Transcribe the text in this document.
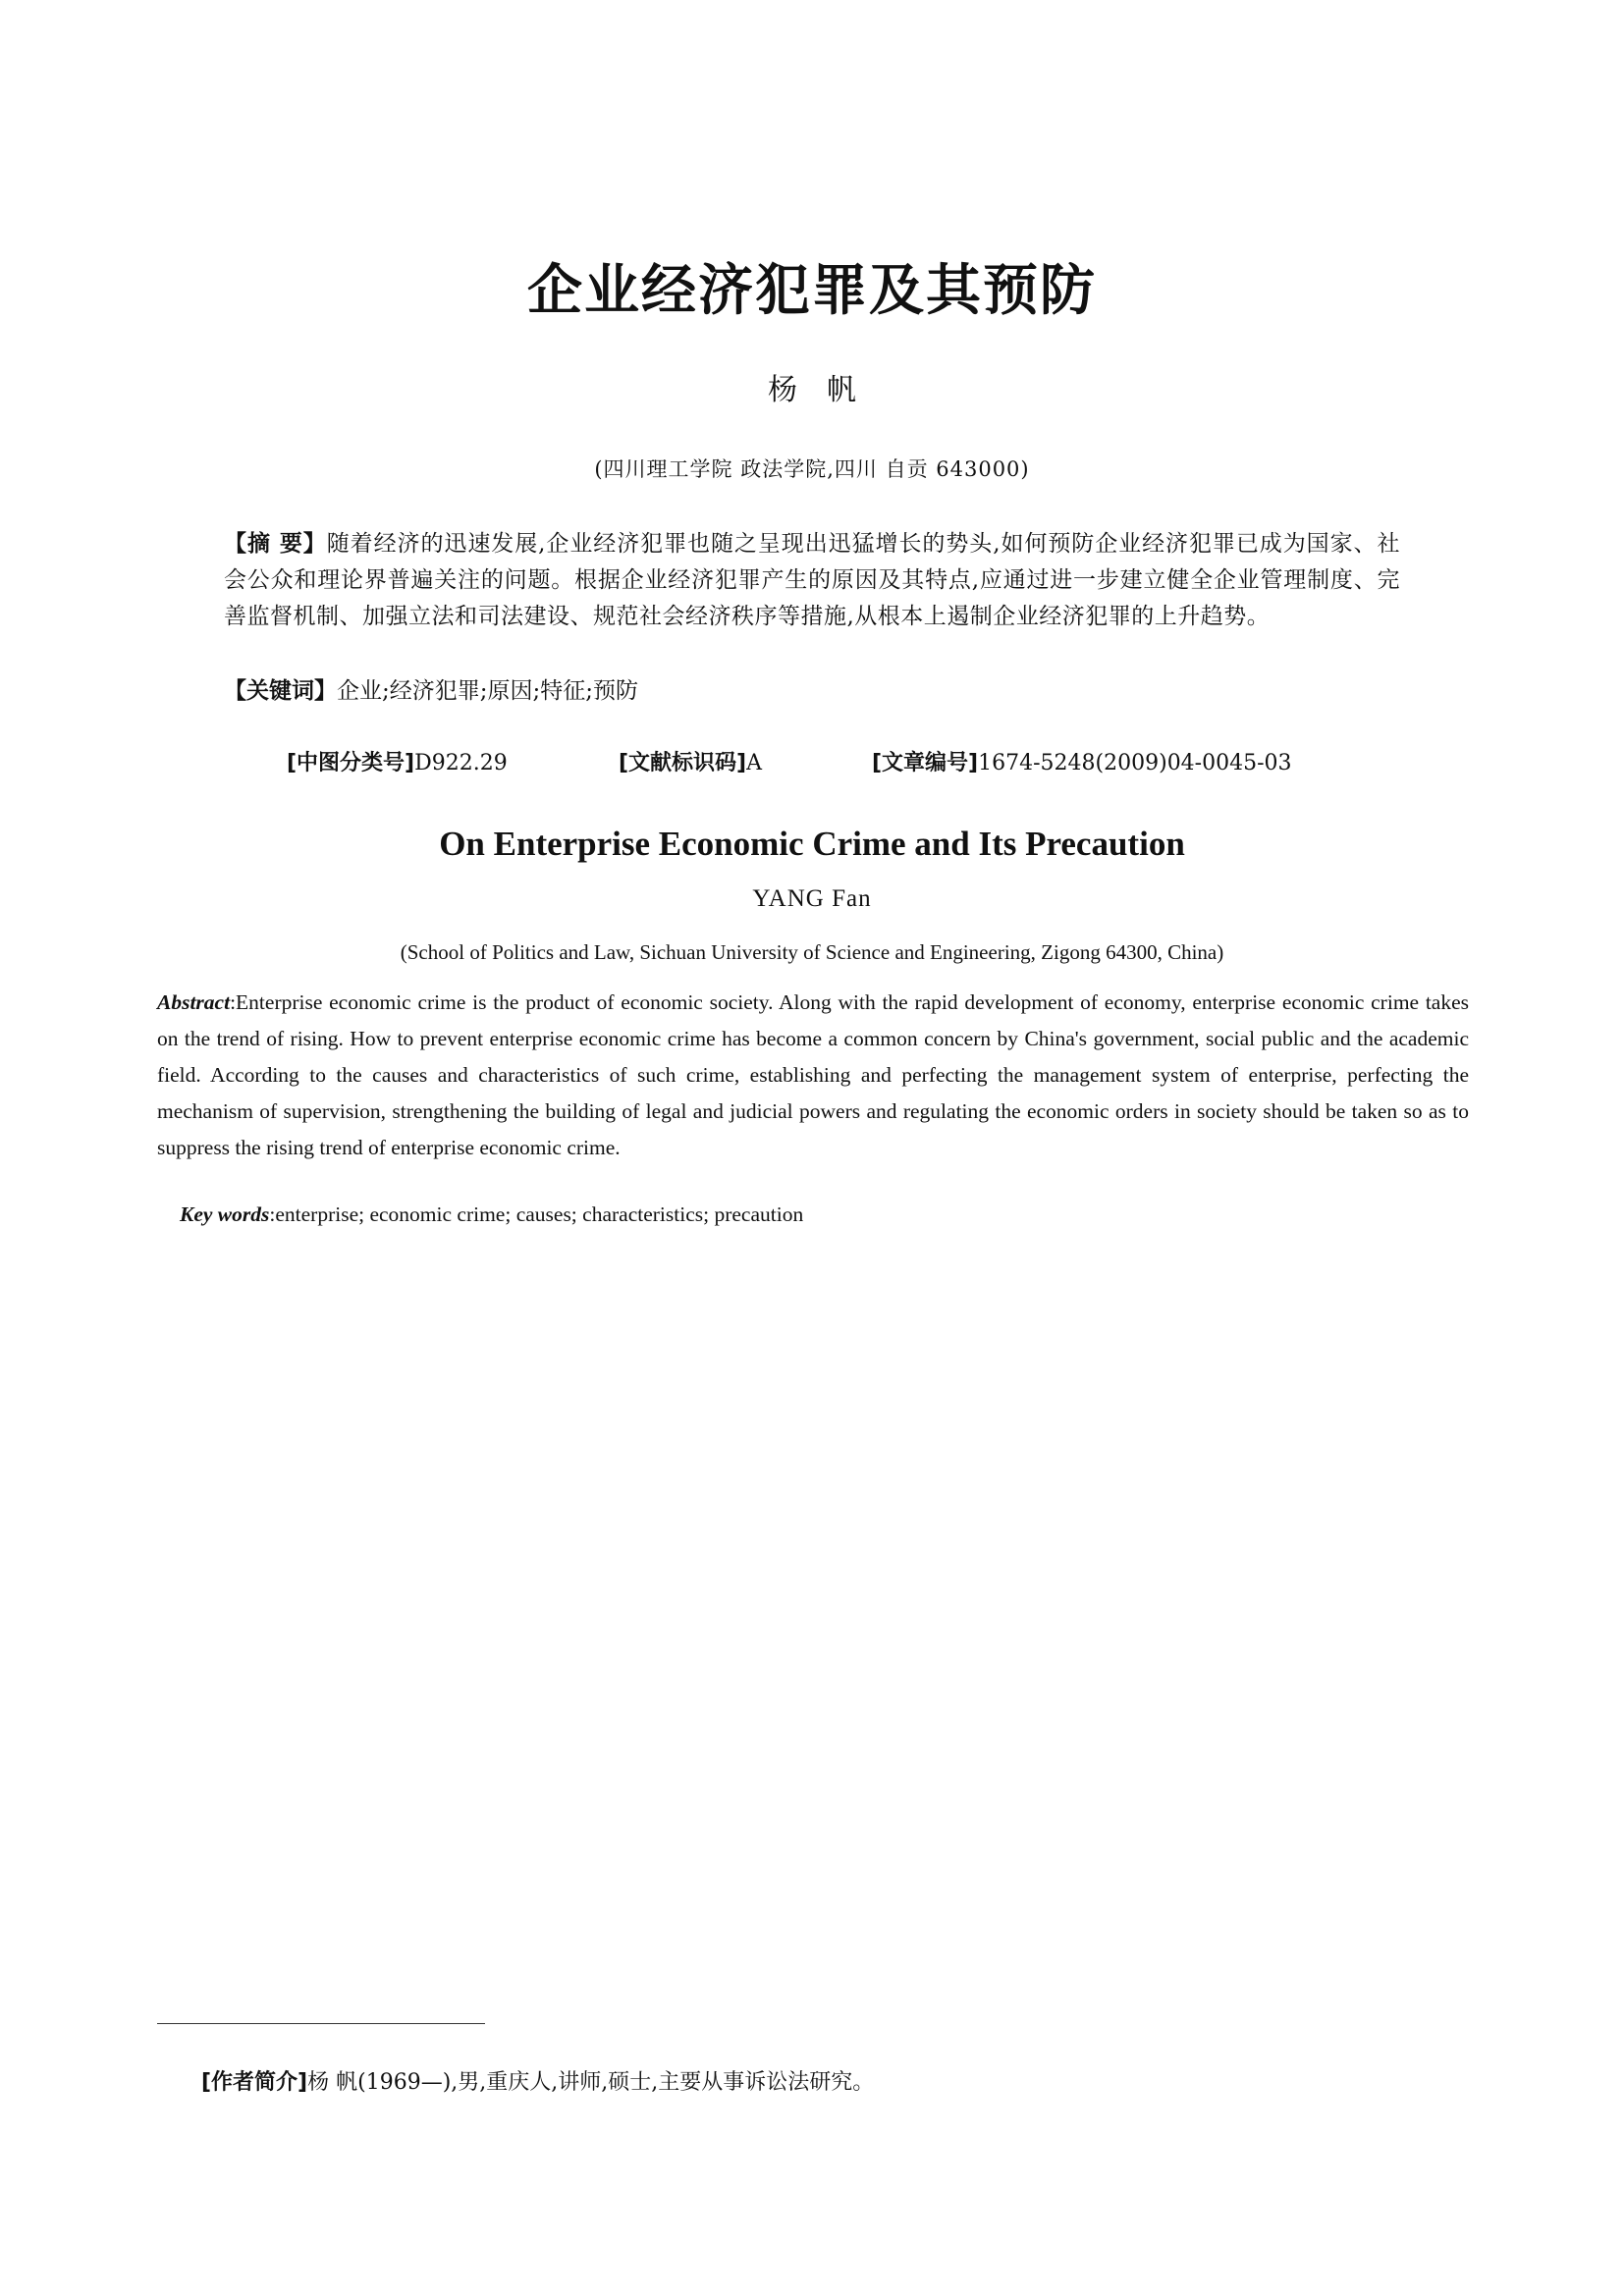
企业经济犯罪及其预防
杨帆
(四川理工学院 政法学院,四川 自贡 643000)
【摘 要】随着经济的迅速发展,企业经济犯罪也随之呈现出迅猛增长的势头,如何预防企业经济犯罪已成为国家、社会公众和理论界普遍关注的问题。根据企业经济犯罪产生的原因及其特点,应通过进一步建立健全企业管理制度、完善监督机制、加强立法和司法建设、规范社会经济秩序等措施,从根本上遏制企业经济犯罪的上升趋势。
【关键词】企业;经济犯罪;原因;特征;预防
[中图分类号]D922.29	[文献标识码]A	[文章编号]1674-5248(2009)04-0045-03
On Enterprise Economic Crime and Its Precaution
YANG Fan
(School of Politics and Law, Sichuan University of Science and Engineering, Zigong 64300, China)
Abstract:Enterprise economic crime is the product of economic society. Along with the rapid development of economy, enterprise economic crime takes on the trend of rising. How to prevent enterprise economic crime has become a common concern by China's government, social public and the academic field. According to the causes and characteristics of such crime, establishing and perfecting the management system of enterprise, perfecting the mechanism of supervision, strengthening the building of legal and judicial powers and regulating the economic orders in society should be taken so as to suppress the rising trend of enterprise economic crime.
Key words:enterprise; economic crime; causes; characteristics; precaution
[作者简介]杨 帆(1969—),男,重庆人,讲师,硕士,主要从事诉讼法研究。
